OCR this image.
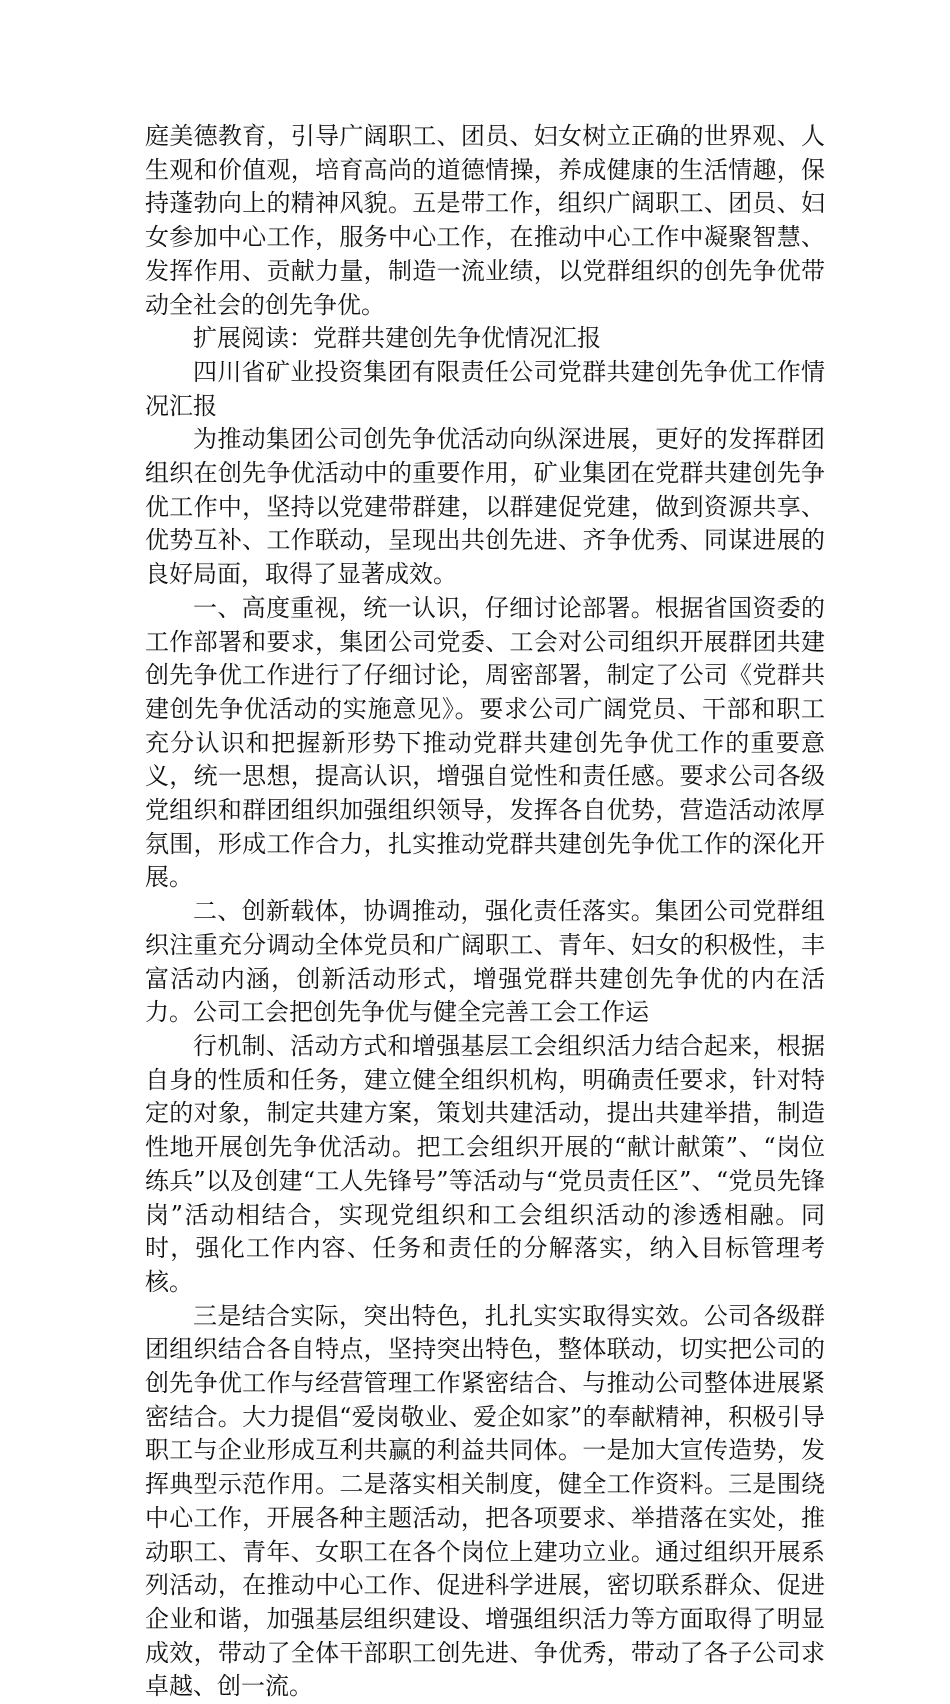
庭美德教育，引导广阔职工、团员、妇女树立正确的世界观、人生观和价值观，培育高尚的道德情操，养成健康的生活情趣，保持蓬勃向上的精神风貌。五是带工作，组织广阔职工、团员、妇女参加中心工作，服务中心工作，在推动中心工作中凝聚智慧、发挥作用、贡献力量，制造一流业绩，以党群组织的创先争优带动全社会的创先争优。

扩展阅读：党群共建创先争优情况汇报

四川省矿业投资集团有限责任公司党群共建创先争优工作情况汇报

为推动集团公司创先争优活动向纵深进展，更好的发挥群团组织在创先争优活动中的重要作用，矿业集团在党群共建创先争优工作中，坚持以党建带群建，以群建促党建，做到资源共享、优势互补、工作联动，呈现出共创先进、齐争优秀、同谋进展的良好局面，取得了显著成效。

一、高度重视，统一认识，仔细讨论部署。根据省国资委的工作部署和要求，集团公司党委、工会对公司组织开展群团共建创先争优工作进行了仔细讨论，周密部署，制定了公司《党群共建创先争优活动的实施意见》。要求公司广阔党员、干部和职工充分认识和把握新形势下推动党群共建创先争优工作的重要意义，统一思想，提高认识，增强自觉性和责任感。要求公司各级党组织和群团组织加强组织领导，发挥各自优势，营造活动浓厚氛围，形成工作合力，扎实推动党群共建创先争优工作的深化开展。

二、创新载体，协调推动，强化责任落实。集团公司党群组织注重充分调动全体党员和广阔职工、青年、妇女的积极性，丰富活动内涵，创新活动形式，增强党群共建创先争优的内在活力。公司工会把创先争优与健全完善工会工作运

行机制、活动方式和增强基层工会组织活力结合起来，根据自身的性质和任务，建立健全组织机构，明确责任要求，针对特定的对象，制定共建方案，策划共建活动，提出共建举措，制造性地开展创先争优活动。把工会组织开展的“献计献策”、“岗位练兵”以及创建“工人先锋号”等活动与“党员责任区”、“党员先锋岗”活动相结合，实现党组织和工会组织活动的渗透相融。同时，强化工作内容、任务和责任的分解落实，纳入目标管理考核。

三是结合实际，突出特色，扎扎实实取得实效。公司各级群团组织结合各自特点，坚持突出特色，整体联动，切实把公司的创先争优工作与经营管理工作紧密结合、与推动公司整体进展紧密结合。大力提倡“爱岗敬业、爱企如家”的奉献精神，积极引导职工与企业形成互利共赢的利益共同体。一是加大宣传造势，发挥典型示范作用。二是落实相关制度，健全工作资料。三是围绕中心工作，开展各种主题活动，把各项要求、举措落在实处，推动职工、青年、女职工在各个岗位上建功立业。通过组织开展系列活动，在推动中心工作、促进科学进展，密切联系群众、促进企业和谐，加强基层组织建设、增强组织活力等方面取得了明显成效，带动了全体干部职工创先进、争优秀，带动了各子公司求卓越、创一流。
